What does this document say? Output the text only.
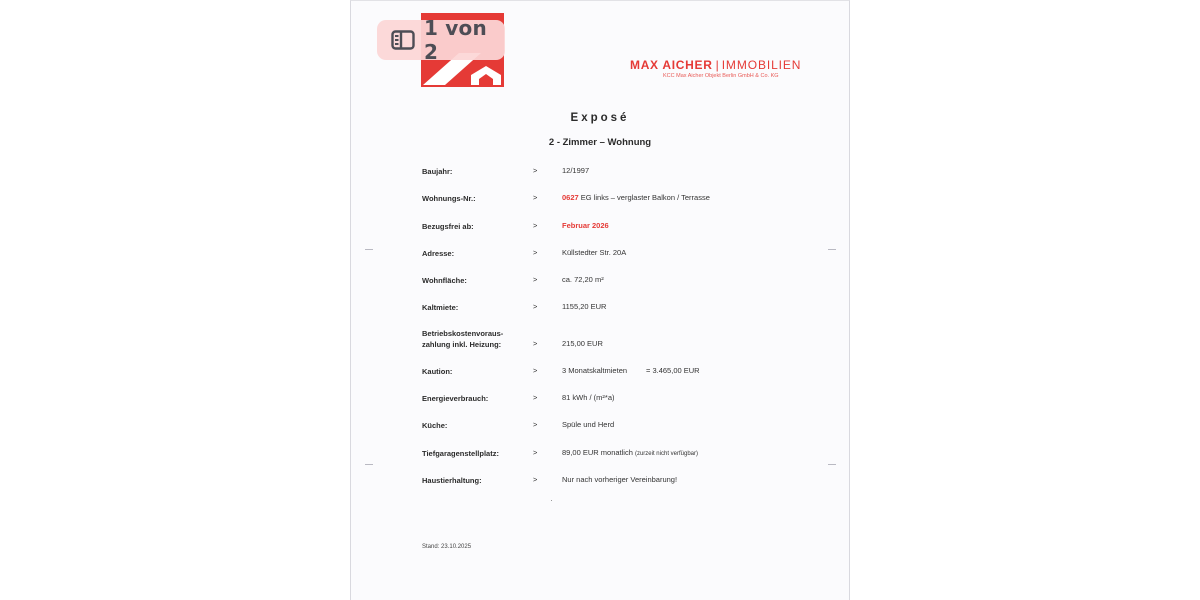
MAX AICHER | IMMOBILIEN
KCC Max Aicher Objekt Berlin GmbH & Co. KG
Exposé
2 - Zimmer – Wohnung
Baujahr:	>	12/1997
Wohnungs-Nr.:	>	0627 EG links – verglaster Balkon / Terrasse
Bezugsfrei ab:	>	Februar 2026
Adresse:	>	Küllstedter Str. 20A
Wohnfläche:	>	ca. 72,20 m²
Kaltmiete:	>	1155,20 EUR
Betriebskostenvoraus-
zahlung inkl. Heizung:	>	215,00 EUR
Kaution:	>	3 Monatskaltmieten	= 3.465,00 EUR
Energieverbrauch:	>	81 kWh / (m²*a)
Küche:	>	Spüle und Herd
Tiefgaragenstellplatz:	>	89,00 EUR monatlich (zurzeit nicht verfügbar)
Haustierhaltung:	>	Nur nach vorheriger Vereinbarung!
Stand: 23.10.2025
1 von 2
